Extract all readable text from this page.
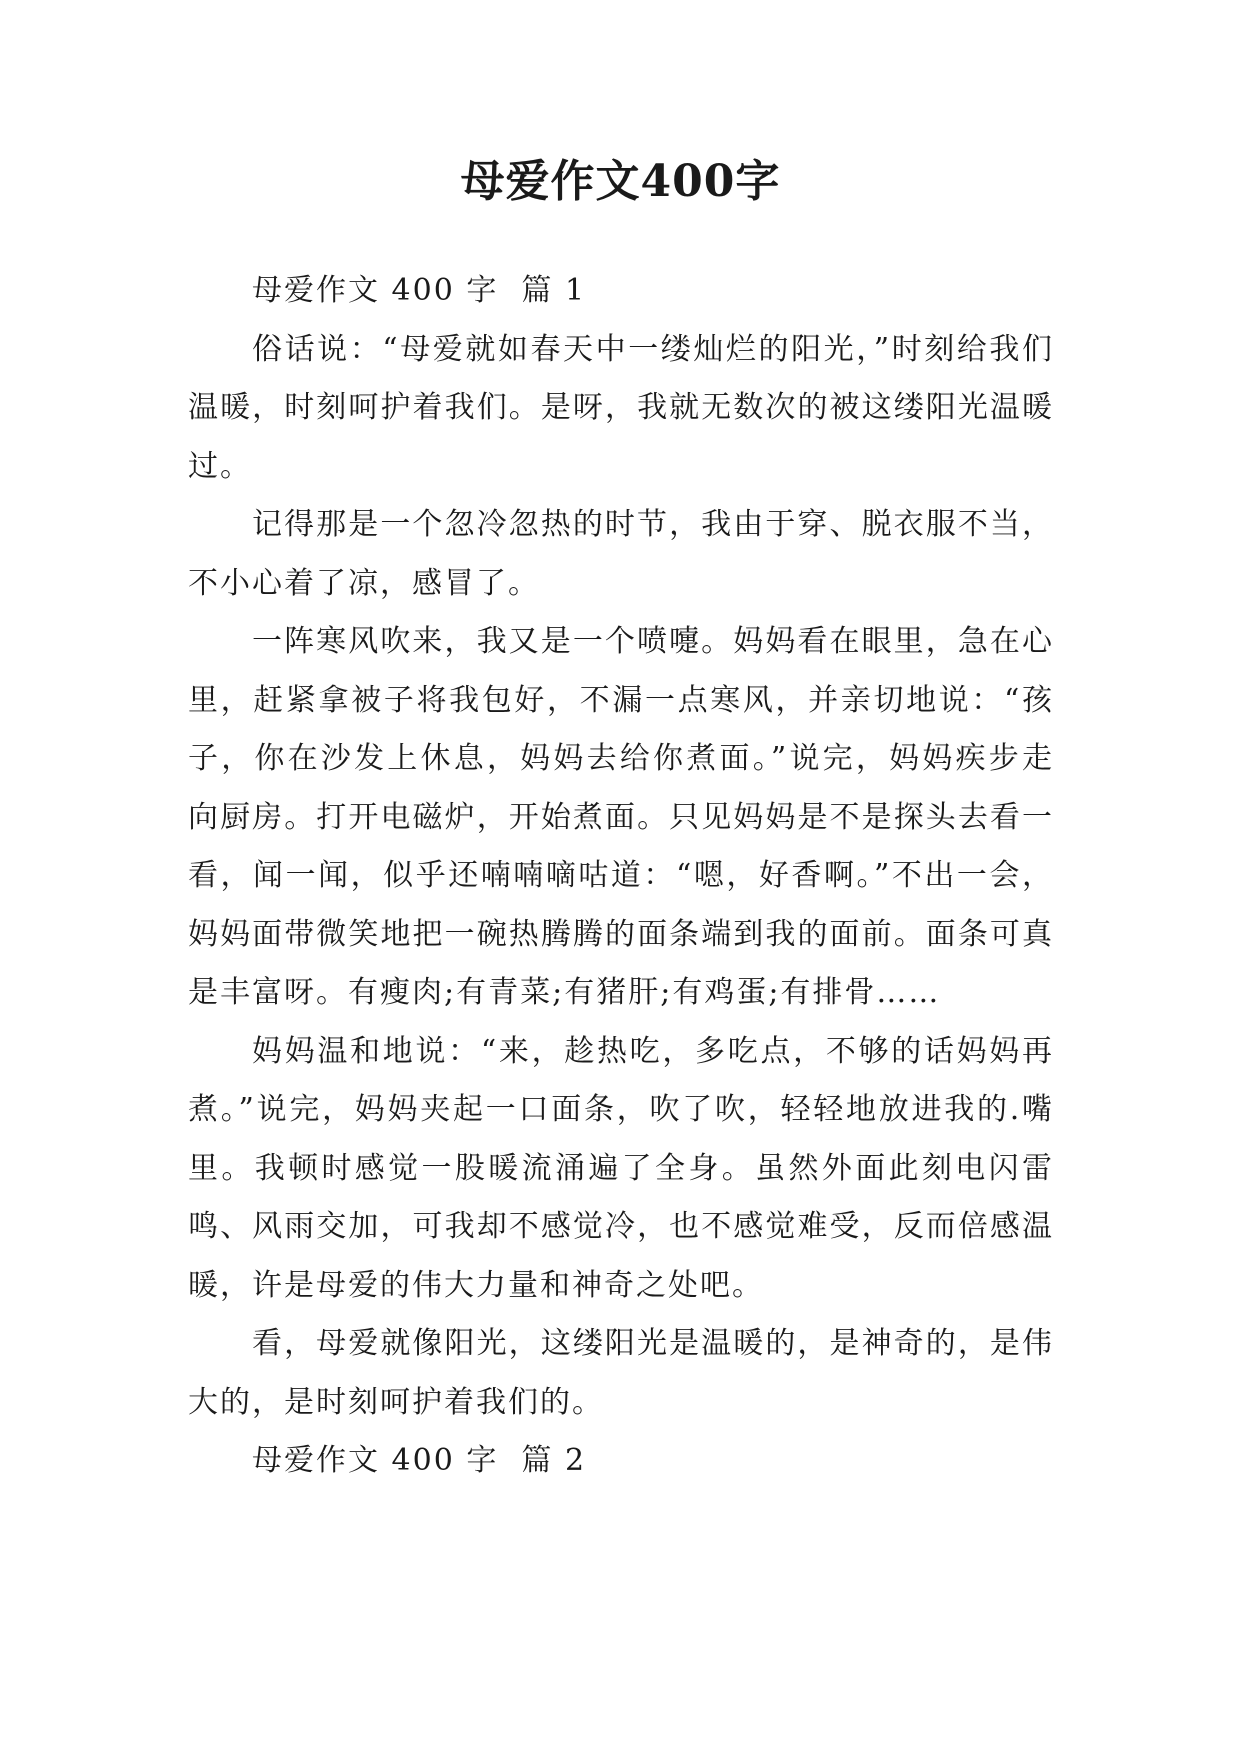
母爱作文400字

母爱作文 400 字  篇 1

俗话说：“母爱就如春天中一缕灿烂的阳光，”时刻给我们温暖，时刻呵护着我们。是呀，我就无数次的被这缕阳光温暖过。

记得那是一个忽冷忽热的时节，我由于穿、脱衣服不当，不小心着了凉，感冒了。

一阵寒风吹来，我又是一个喷嚏。妈妈看在眼里，急在心里，赶紧拿被子将我包好，不漏一点寒风，并亲切地说：“孩子，你在沙发上休息，妈妈去给你煮面。”说完，妈妈疾步走向厨房。打开电磁炉，开始煮面。只见妈妈是不是探头去看一看，闻一闻，似乎还喃喃嘀咕道：“嗯，好香啊。”不出一会，妈妈面带微笑地把一碗热腾腾的面条端到我的面前。面条可真是丰富呀。有瘦肉;有青菜;有猪肝;有鸡蛋;有排骨……

妈妈温和地说：“来，趁热吃，多吃点，不够的话妈妈再煮。”说完，妈妈夹起一口面条，吹了吹，轻轻地放进我的.嘴里。我顿时感觉一股暖流涌遍了全身。虽然外面此刻电闪雷鸣、风雨交加，可我却不感觉冷，也不感觉难受，反而倍感温暖，许是母爱的伟大力量和神奇之处吧。

看，母爱就像阳光，这缕阳光是温暖的，是神奇的，是伟大的，是时刻呵护着我们的。

母爱作文 400 字  篇 2
